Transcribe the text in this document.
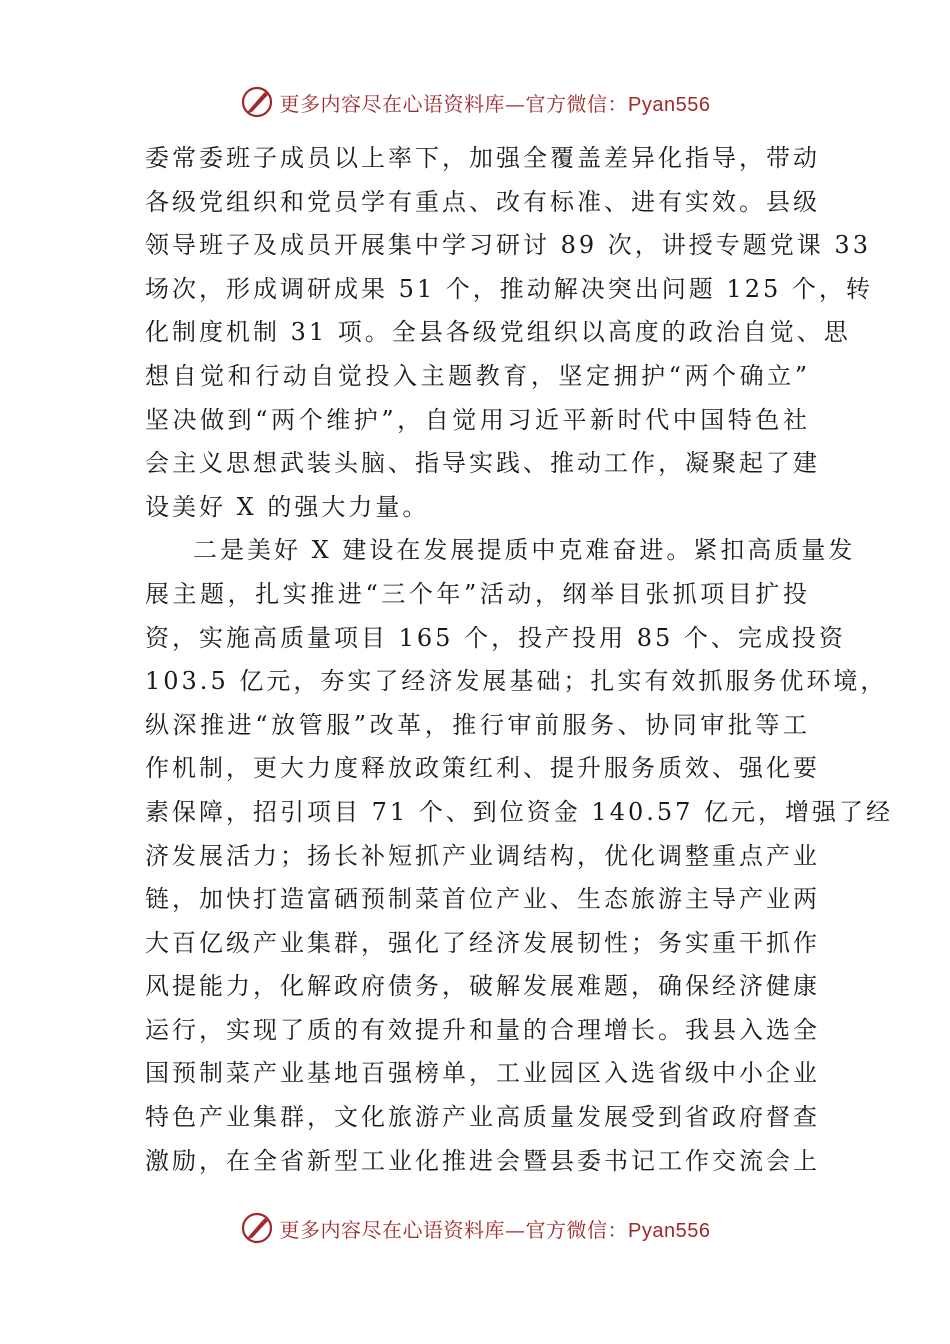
更多内容尽在心语资料库—官方微信：Pyan556
委常委班子成员以上率下，加强全覆盖差异化指导，带动
各级党组织和党员学有重点、改有标准、进有实效。县级
领导班子及成员开展集中学习研讨 89 次，讲授专题党课 33
场次，形成调研成果 51 个，推动解决突出问题 125 个，转
化制度机制 31 项。全县各级党组织以高度的政治自觉、思
想自觉和行动自觉投入主题教育，坚定拥护“两个确立”
坚决做到“两个维护”，自觉用习近平新时代中国特色社
会主义思想武装头脑、指导实践、推动工作，凝聚起了建
设美好 X 的强大力量。
二是美好 X 建设在发展提质中克难奋进。紧扣高质量发
展主题，扎实推进“三个年”活动，纲举目张抓项目扩投
资，实施高质量项目 165 个，投产投用 85 个、完成投资
103.5 亿元，夯实了经济发展基础；扎实有效抓服务优环境，
纵深推进“放管服”改革，推行审前服务、协同审批等工
作机制，更大力度释放政策红利、提升服务质效、强化要
素保障，招引项目 71 个、到位资金 140.57 亿元，增强了经
济发展活力；扬长补短抓产业调结构，优化调整重点产业
链，加快打造富硒预制菜首位产业、生态旅游主导产业两
大百亿级产业集群，强化了经济发展韧性；务实重干抓作
风提能力，化解政府债务，破解发展难题，确保经济健康
运行，实现了质的有效提升和量的合理增长。我县入选全
国预制菜产业基地百强榜单，工业园区入选省级中小企业
特色产业集群，文化旅游产业高质量发展受到省政府督查
激励，在全省新型工业化推进会暨县委书记工作交流会上
更多内容尽在心语资料库—官方微信：Pyan556
